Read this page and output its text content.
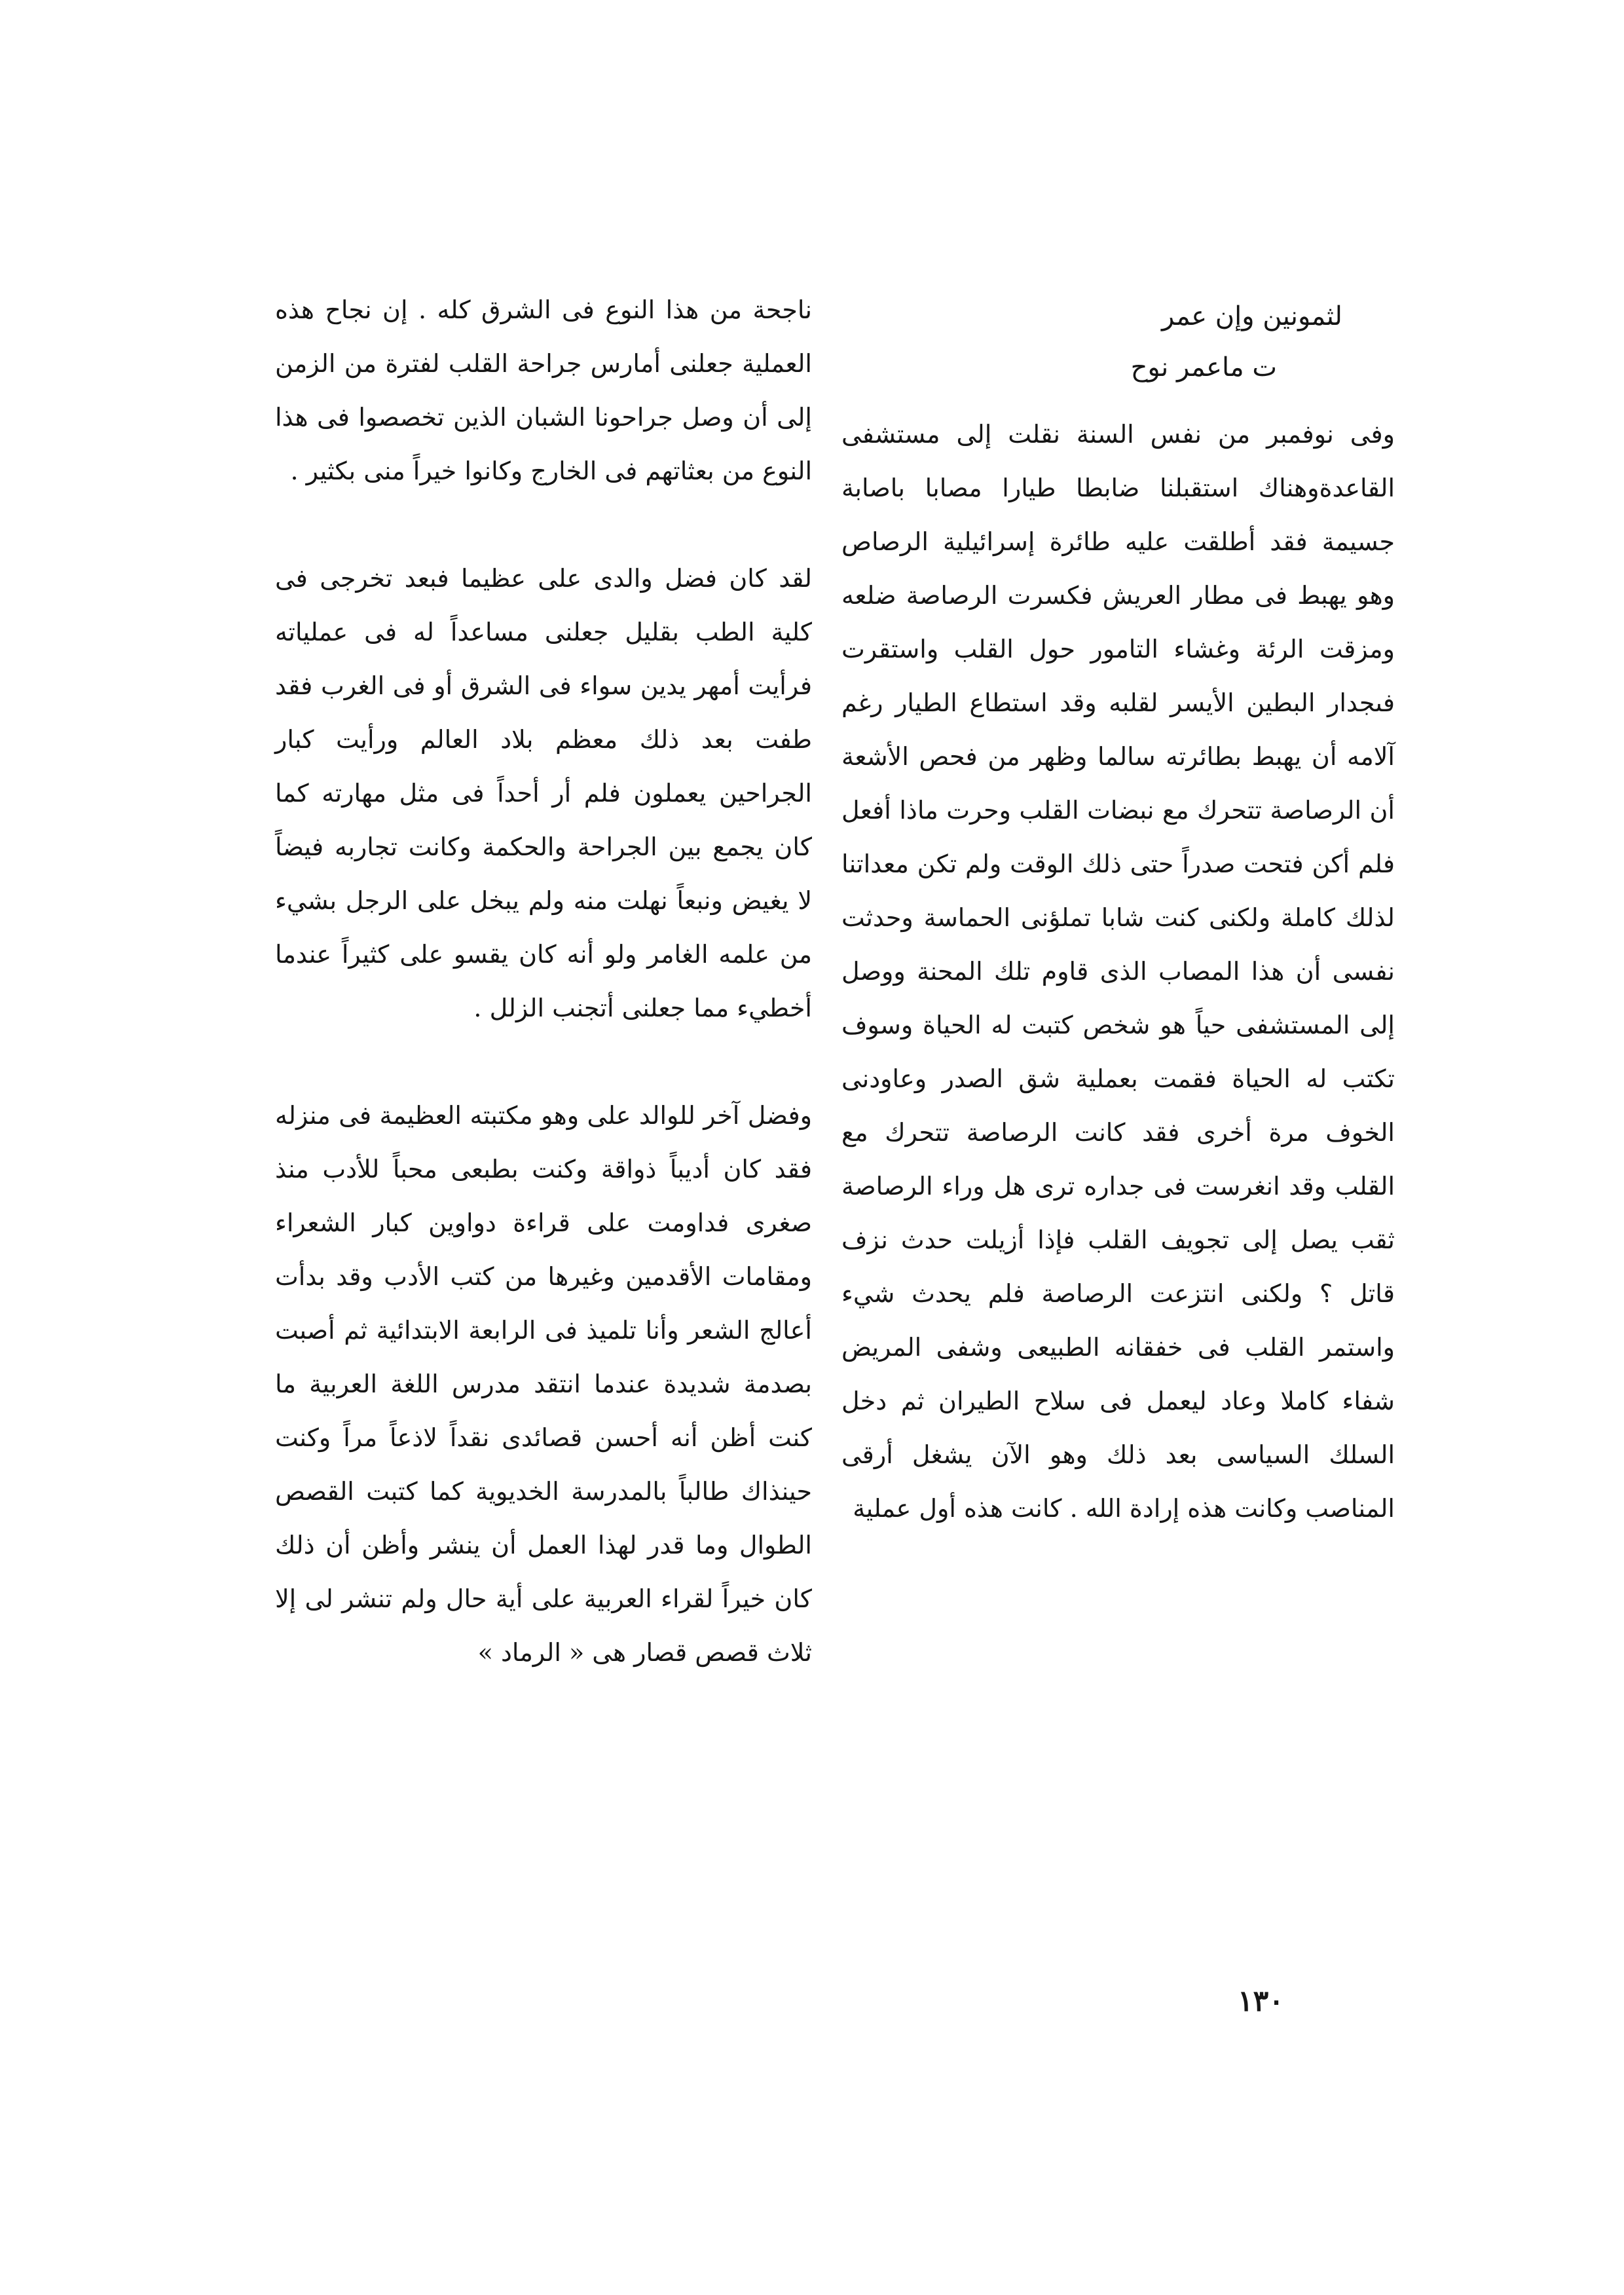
لثمونين وإن عمر
ت ماعمر نوح

وفى نوفمبر من نفس السنة نقلت إلى مستشفى القاعدةوهناك استقبلنا ضابطا طيارا مصابا باصابة جسيمة فقد أطلقت عليه طائرة إسرائيلية الرصاص وهو يهبط فى مطار العريش فكسرت الرصاصة ضلعه ومزقت الرئة وغشاء التامور حول القلب واستقرت فىجدار البطين الأيسر لقلبه وقد استطاع الطيار رغم آلامه أن يهبط بطائرته سالما وظهر من فحص الأشعة أن الرصاصة تتحرك مع نبضات القلب وحرت ماذا أفعل فلم أكن فتحت صدراً حتى ذلك الوقت ولم تكن معداتنا لذلك كاملة ولكنى كنت شابا تملؤنى الحماسة وحدثت نفسى أن هذا المصاب الذى قاوم تلك المحنة ووصل إلى المستشفى حياً هو شخص كتبت له الحياة وسوف تكتب له الحياة فقمت بعملية شق الصدر وعاودنى الخوف مرة أخرى فقد كانت الرصاصة تتحرك مع القلب وقد انغرست فى جداره ترى هل وراء الرصاصة ثقب يصل إلى تجويف القلب فإذا أزيلت حدث نزف قاتل ؟ ولكنى انتزعت الرصاصة فلم يحدث شيء واستمر القلب فى خفقانه الطبيعى وشفى المريض شفاء كاملا وعاد ليعمل فى سلاح الطيران ثم دخل السلك السياسى بعد ذلك وهو الآن يشغل أرقى المناصب وكانت هذه إرادة الله . كانت هذه أول عملية

ناجحة من هذا النوع فى الشرق كله . إن نجاح هذه العملية جعلنى أمارس جراحة القلب لفترة من الزمن إلى أن وصل جراحونا الشبان الذين تخصصوا فى هذا النوع من بعثاتهم فى الخارج وكانوا خيراً منى بكثير .

لقد كان فضل والدى على عظيما فبعد تخرجى فى كلية الطب بقليل جعلنى مساعداً له فى عملياته فرأيت أمهر يدين سواء فى الشرق أو فى الغرب فقد طفت بعد ذلك معظم بلاد العالم ورأيت كبار الجراحين يعملون فلم أر أحداً فى مثل مهارته كما كان يجمع بين الجراحة والحكمة وكانت تجاربه فيضاً لا يغيض ونبعاً نهلت منه ولم يبخل على الرجل بشيء من علمه الغامر ولو أنه كان يقسو على كثيراً عندما أخطيء مما جعلنى أتجنب الزلل .

وفضل آخر للوالد على وهو مكتبته العظيمة فى منزله فقد كان أديباً ذواقة وكنت بطبعى محباً للأدب منذ صغرى فداومت على قراءة دواوين كبار الشعراء ومقامات الأقدمين وغيرها من كتب الأدب وقد بدأت أعالج الشعر وأنا تلميذ فى الرابعة الابتدائية ثم أصبت بصدمة شديدة عندما انتقد مدرس اللغة العربية ما كنت أظن أنه أحسن قصائدى نقداً لاذعاً مراً وكنت حينذاك طالباً بالمدرسة الخديوية كما كتبت القصص الطوال وما قدر لهذا العمل أن ينشر وأظن أن ذلك كان خيراً لقراء العربية على أية حال ولم تنشر لى إلا ثلاث قصص قصار هى « الرماد »

١٣٠
